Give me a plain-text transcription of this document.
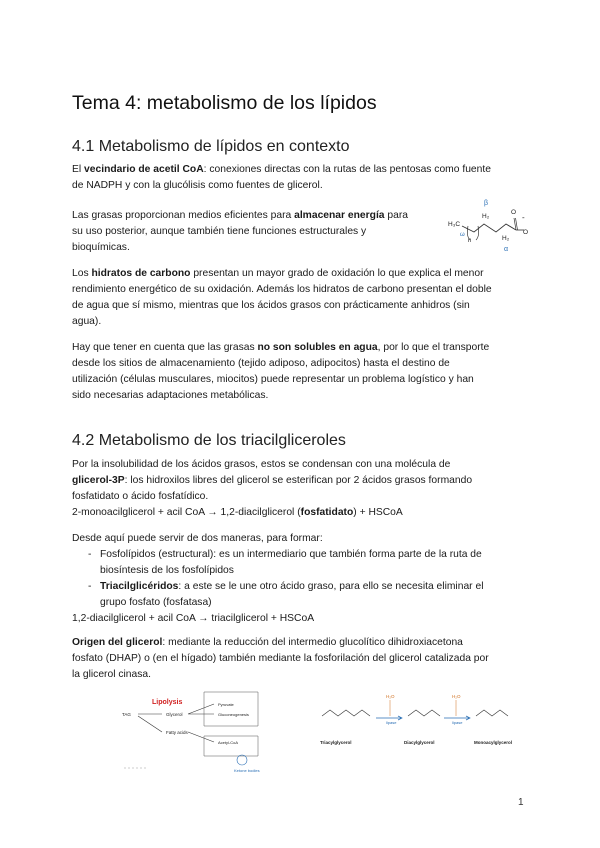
Tema 4: metabolismo de los lípidos
4.1 Metabolismo de lípidos en contexto

El vecindario de acetil CoA: conexiones directas con la rutas de las pentosas como fuente
de NADPH y con la glucólisis como fuentes de glicerol.

Las grasas proporcionan medios eficientes para almacenar energía para
su uso posterior, aunque también tiene funciones estructurales y
bioquímicas.

β
H₃C
H₂
H₂
n
ω
α
-
O
O

Los hidratos de carbono presentan un mayor grado de oxidación lo que explica el menor
rendimiento energético de su oxidación. Además los hidratos de carbono presentan el doble
de agua que sí mismo, mientras que los ácidos grasos con prácticamente anhidros (sin
agua).

Hay que tener en cuenta que las grasas no son solubles en agua, por lo que el transporte
desde los sitios de almacenamiento (tejido adiposo, adipocitos) hasta el destino de
utilización (células musculares, miocitos) puede representar un problema logístico y han
sido necesarias adaptaciones metabólicas.

4.2 Metabolismo de los triacilgliceroles

Por la insolubilidad de los ácidos grasos, estos se condensan con una molécula de
glicerol-3P: los hidroxilos libres del glicerol se esterifican por 2 ácidos grasos formando
fosfatidato o ácido fosfatídico.
2-monoacilglicerol + acil CoA → 1,2-diacilglicerol (fosfatidato) + HSCoA

Desde aquí puede servir de dos maneras, para formar:

- Fosfolípidos (estructural): es un intermediario que también forma parte de la ruta de
biosíntesis de los fosfolípidos
- Triacilglicéridos: a este se le une otro ácido graso, para ello se necesita eliminar el
grupo fosfato (fosfatasa)

1,2-diacilglicerol + acil CoA → triacilglicerol + HSCoA

Origen del glicerol: mediante la reducción del intermedio glucolítico dihidroxiacetona
fosfato (DHAP) o (en el hígado) también mediante la fosforilación del glicerol catalizada por
la glicerol cinasa.

Lipolysis
TAG	Glycerol
Fatty acids
Pyruvate
Gluconeogenesis
Acetyl-CoA
Ketone bodies
H₂O	H₂O
lipase	lipase
Triacylglycerol	Diacylglycerol	Monoacylglycerol
1
